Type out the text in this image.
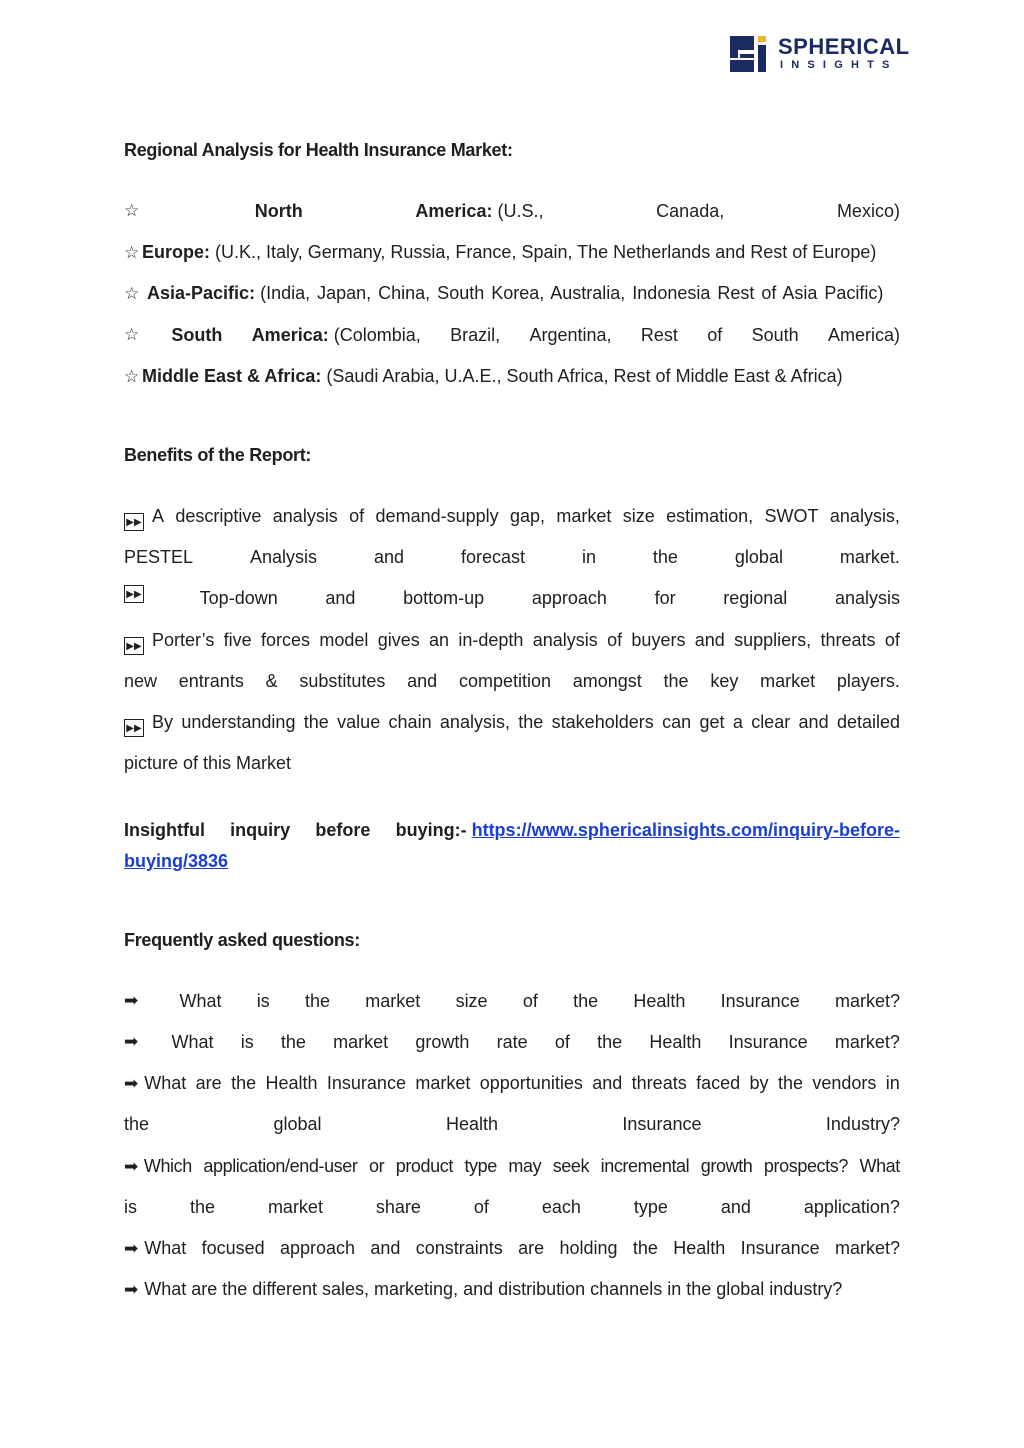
SPHERICAL
INSIGHTS
Regional Analysis for Health Insurance Market:
☆	North	America: (U.S.,	Canada,	Mexico)
☆ Europe: (U.K., Italy, Germany, Russia, France, Spain, The Netherlands and Rest of Europe)
☆ Asia-Pacific: (India, Japan, China, South Korea, Australia, Indonesia Rest of Asia Pacific)
☆ South America: (Colombia, Brazil, Argentina, Rest of South America)
☆ Middle East & Africa: (Saudi Arabia, U.A.E., South Africa, Rest of Middle East & Africa)
Benefits of the Report:
▶▶ A descriptive analysis of demand-supply gap, market size estimation, SWOT analysis,
PESTEL	Analysis	and	forecast	in	the	global	market.
▶▶	Top-down	and	bottom-up	approach	for	regional	analysis
▶▶ Porter’s five forces model gives an in-depth analysis of buyers and suppliers, threats of
new entrants & substitutes and competition amongst the key market players.
▶▶ By understanding the value chain analysis, the stakeholders can get a clear and detailed
picture of this Market
Insightful inquiry before buying:- https://www.sphericalinsights.com/inquiry-before-
buying/3836
Frequently asked questions:
➡ What is the market size of the Health Insurance market?
➡ What is the market growth rate of the Health Insurance market?
➡ What are the Health Insurance market opportunities and threats faced by the vendors in
the	global	Health	Insurance	Industry?
➡ Which application/end-user or product type may seek incremental growth prospects? What
is	the	market	share	of	each	type	and	application?
➡ What focused approach and constraints are holding the Health Insurance market?
➡ What are the different sales, marketing, and distribution channels in the global industry?
